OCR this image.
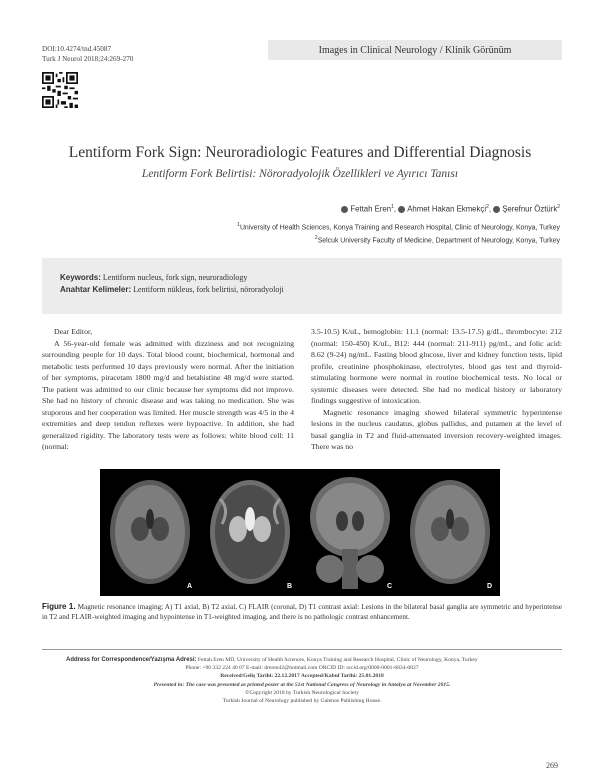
DOI:10.4274/tnd.45087
Turk J Neurol 2018;24:269-270
Images in Clinical Neurology / Klinik Görünüm
Lentiform Fork Sign: Neuroradiologic Features and Differential Diagnosis
Lentiform Fork Belirtisi: Nöroradyolojik Özellikleri ve Ayırıcı Tanısı
Fettah Eren$^1$, Ahmet Hakan Ekmekçi$^2$, Şerefnur Öztürk$^2$
$^1$University of Health Sciences, Konya Training and Research Hospital, Clinic of Neurology, Konya, Turkey
$^2$Selcuk University Faculty of Medicine, Department of Neurology, Konya, Turkey
Keywords: Lentiform nucleus, fork sign, neuroradiology
Anahtar Kelimeler: Lentiform nükleus, fork belirtisi, nöroradyoloji

Dear Editor,

A 56-year-old female was admitted with dizziness and not recognizing surrounding people for 10 days. Total blood count, biochemical, hormonal and metabolic tests performed 10 days previously were normal. After the initiation of her symptoms, piracetam 1800 mg/d and betahistine 48 mg/d were started. The patient was admitted to our clinic because her symptoms did not improve. She had no history of chronic disease and was taking no medication. She was stuporous and her cooperation was limited. Her muscle strength was 4/5 in the 4 extremities and deep tendon reflexes were hypoactive. In addition, she had generalized rigidity. The laboratory tests were as follows: white blood cell: 11 (normal:

3.5-10.5) K/uL, hemoglobin: 11.1 (normal: 13.5-17.5) g/dL, thrombocyte: 212 (normal: 150-450) K/uL, B12: 444 (normal: 211-911) pg/mL, and folic acid: 8.62 (9-24) ng/mL. Fasting blood glucose, liver and kidney function tests, lipid profile, creatinine phosphokinase, electrolytes, blood gas test and thyroid-stimulating hormone were normal in routine biochemical tests. No local or systemic diseases were detected. She had no medical history or laboratory findings suggestive of intoxication.

Magnetic resonance imaging showed bilateral symmetric hyperintense lesions in the nucleus caudatus, globus pallidus, and putamen at the level of basal ganglia in T2 and fluid-attenuated inversion recovery-weighted images. There was no

A	B	C	D
Figure 1. Magnetic resonance imaging; A) T1 axial, B) T2 axial, C) FLAIR (coronal, D) T1 contrast axial: Lesions in the bilateral basal ganglia are symmetric and hyperintense in T2 and FLAIR-weighted imaging and hypointense in T1-weighted imaging, and there is no pathologic contrast enhancement.
Address for Correspondence/Yazışma Adresi: Fettah Eren MD, University of Health Sciences, Konya Training and Research Hospital, Clinic of Neurology, Konya, Turkey
Phone: +90 332 224 40 07 E-mail: dreren42@hotmail.com ORCID ID: orcid.org/0000-0001-6834-0827
Received/Geliş Tarihi: 22.12.2017 Accepted/Kabul Tarihi: 25.01.2018
Presented in: The case was presented as printed poster at the 51st National Congress of Neurology in Antalya at November 2015.
©Copyright 2018 by Turkish Neurological Society
Turkish Journal of Neurology published by Galenos Publishing House.
269
